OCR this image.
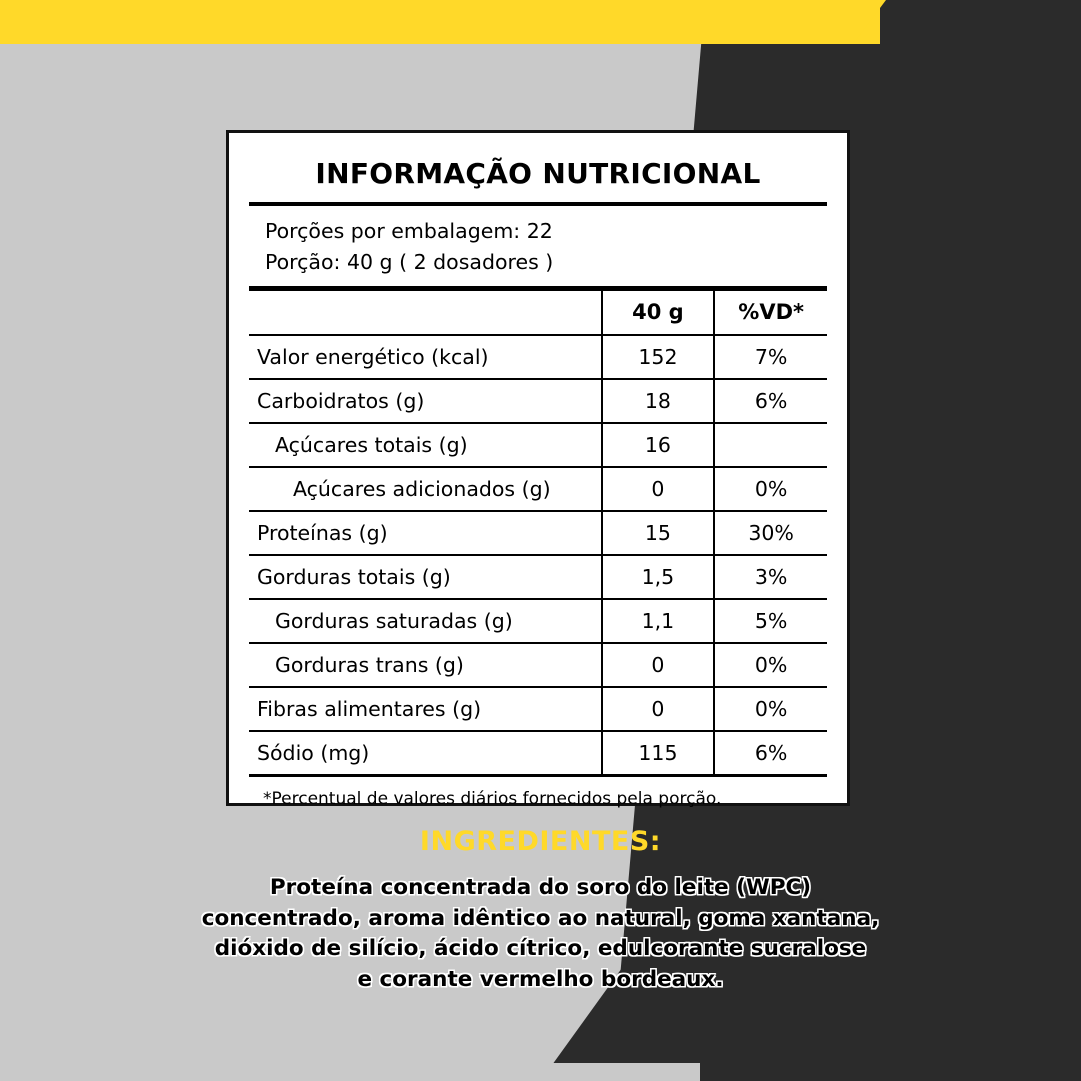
INFORMAÇÃO NUTRICIONAL
Porções por embalagem: 22
Porção: 40 g ( 2 dosadores )
	40 g	%VD*
Valor energético (kcal)	152	7%
Carboidratos (g)	18	6%
Açúcares totais (g)	16	
Açúcares adicionados (g)	0	0%
Proteínas (g)	15	30%
Gorduras totais (g)	1,5	3%
Gorduras saturadas (g)	1,1	5%
Gorduras trans (g)	0	0%
Fibras alimentares (g)	0	0%
Sódio (mg)	115	6%
*Percentual de valores diários fornecidos pela porção.
INGREDIENTES:
Proteína concentrada do soro do leite (WPC)
concentrado, aroma idêntico ao natural, goma xantana,
dióxido de silício, ácido cítrico, edulcorante sucralose
e corante vermelho bordeaux.
